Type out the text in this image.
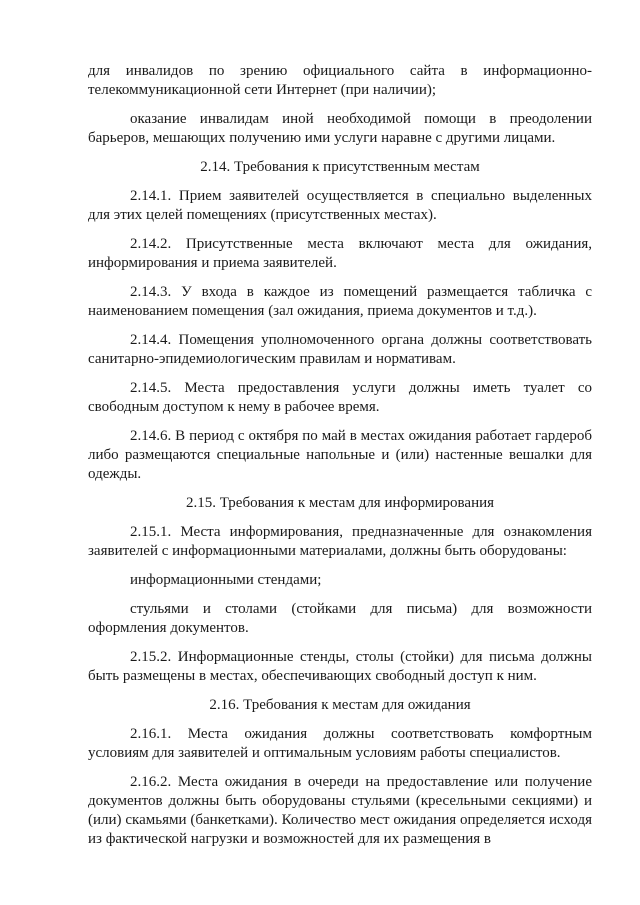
для инвалидов по зрению официального сайта в информационно-телекоммуникационной сети Интернет (при наличии);

оказание инвалидам иной необходимой помощи в преодолении барьеров, мешающих получению ими услуги наравне с другими лицами.

2.14. Требования к присутственным местам

2.14.1. Прием заявителей осуществляется в специально выделенных для этих целей помещениях (присутственных местах).

2.14.2. Присутственные места включают места для ожидания, информирования и приема заявителей.

2.14.3. У входа в каждое из помещений размещается табличка с наименованием помещения (зал ожидания, приема документов и т.д.).

2.14.4. Помещения уполномоченного органа должны соответствовать санитарно-эпидемиологическим правилам и нормативам.

2.14.5. Места предоставления услуги должны иметь туалет со свободным доступом к нему в рабочее время.

2.14.6. В период с октября по май в местах ожидания работает гардероб либо размещаются специальные напольные и (или) настенные вешалки для одежды.

2.15. Требования к местам для информирования

2.15.1. Места информирования, предназначенные для ознакомления заявителей с информационными материалами, должны быть оборудованы:

информационными стендами;

стульями и столами (стойками для письма) для возможности оформления документов.

2.15.2. Информационные стенды, столы (стойки) для письма должны быть размещены в местах, обеспечивающих свободный доступ к ним.

2.16. Требования к местам для ожидания

2.16.1. Места ожидания должны соответствовать комфортным условиям для заявителей и оптимальным условиям работы специалистов.

2.16.2. Места ожидания в очереди на предоставление или получение документов должны быть оборудованы стульями (кресельными секциями) и (или) скамьями (банкетками). Количество мест ожидания определяется исходя из фактической нагрузки и возможностей для их размещения в
